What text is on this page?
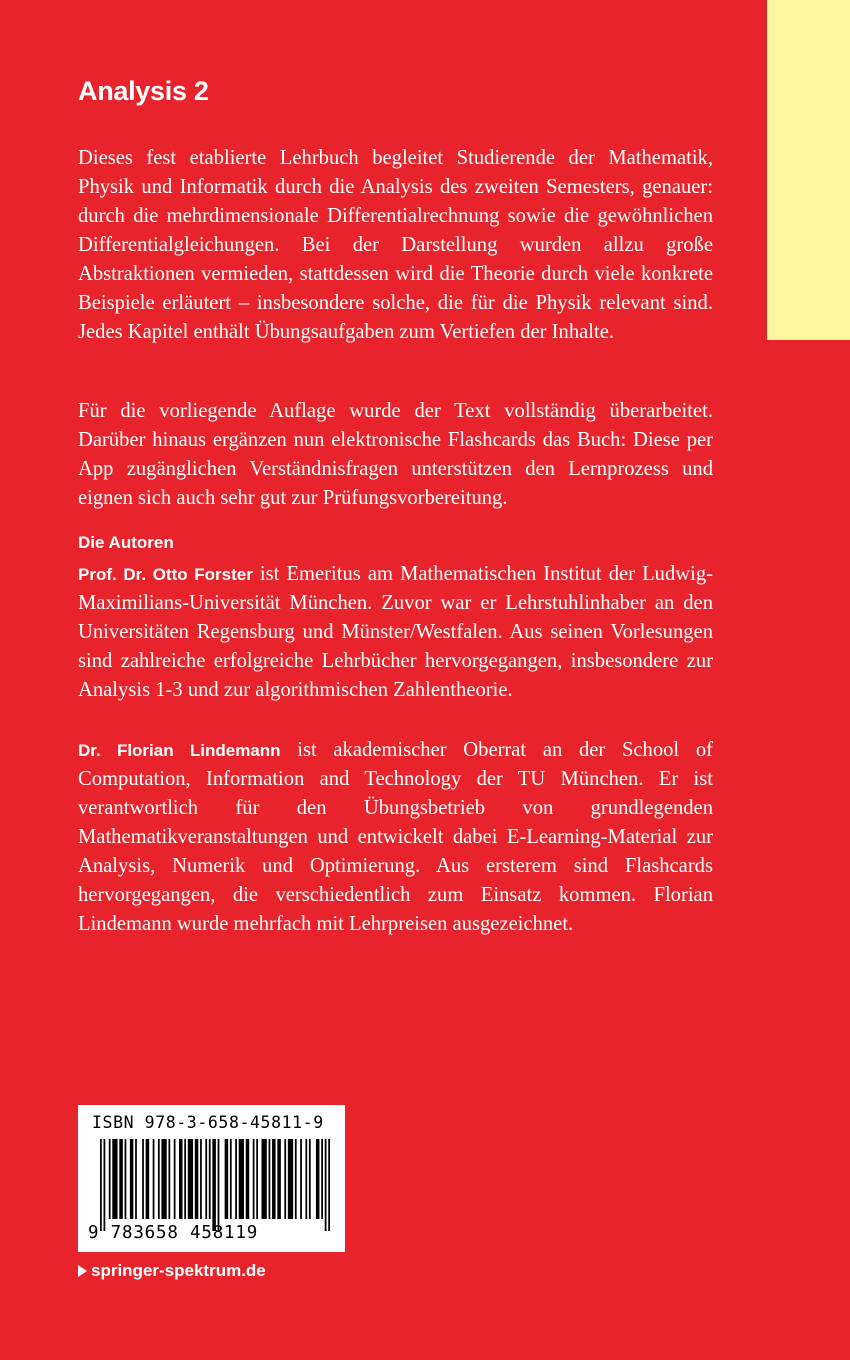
Analysis 2
Dieses fest etablierte Lehrbuch begleitet Studierende der Mathematik, Physik und Informatik durch die Analysis des zweiten Semesters, genauer: durch die mehrdimensionale Differentialrechnung sowie die gewöhnlichen Differentialgleichungen. Bei der Darstellung wurden allzu große Abstraktionen vermieden, stattdessen wird die Theorie durch viele konkrete Beispiele erläutert – insbesondere solche, die für die Physik relevant sind. Jedes Kapitel enthält Übungsaufgaben zum Vertiefen der Inhalte.
Für die vorliegende Auflage wurde der Text vollständig überarbeitet. Darüber hinaus ergänzen nun elektronische Flashcards das Buch: Diese per App zugänglichen Verständnisfragen unterstützen den Lernprozess und eignen sich auch sehr gut zur Prüfungsvorbereitung.
Die Autoren
Prof. Dr. Otto Forster ist Emeritus am Mathematischen Institut der Ludwig-Maximilians-Universität München. Zuvor war er Lehrstuhlinhaber an den Universitäten Regensburg und Münster/Westfalen. Aus seinen Vorlesungen sind zahlreiche erfolgreiche Lehrbücher hervorgegangen, insbesondere zur Analysis 1-3 und zur algorithmischen Zahlentheorie.
Dr. Florian Lindemann ist akademischer Oberrat an der School of Computation, Information and Technology der TU München. Er ist verantwortlich für den Übungsbetrieb von grundlegenden Mathematikveranstaltungen und entwickelt dabei E-Learning-Material zur Analysis, Numerik und Optimierung. Aus ersterem sind Flashcards hervorgegangen, die verschiedentlich zum Einsatz kommen. Florian Lindemann wurde mehrfach mit Lehrpreisen ausgezeichnet.
ISBN 978-3-658-45811-9
9 783658 458119
springer-spektrum.de
